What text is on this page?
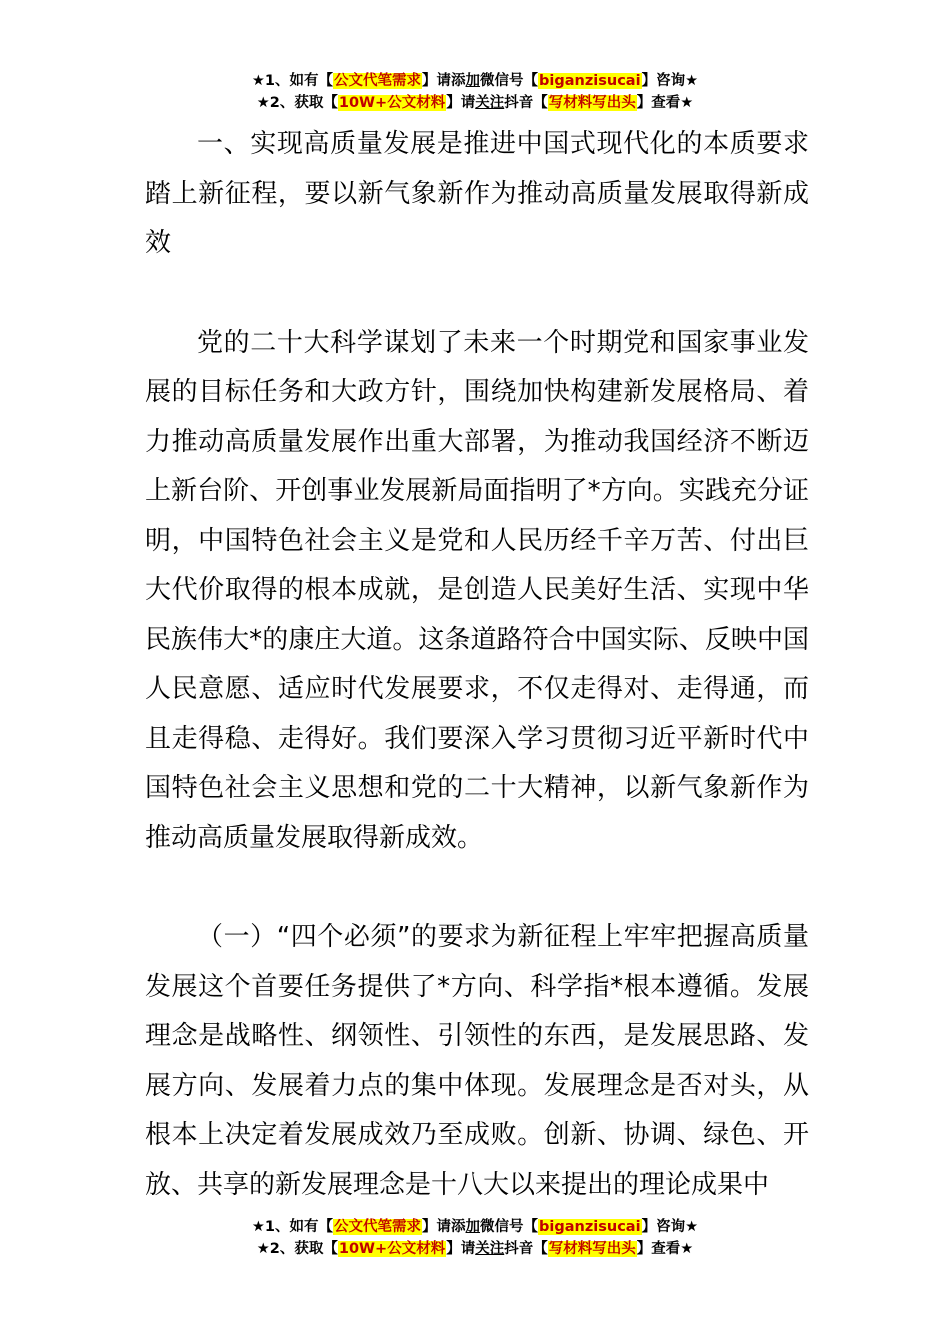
★1、如有【公文代笔需求】请添加微信号【biganzisucai】咨询★
★2、获取【10W+公文材料】请关注抖音【写材料写出头】查看★

一、实现高质量发展是推进中国式现代化的本质要求踏上新征程，要以新气象新作为推动高质量发展取得新成效

党的二十大科学谋划了未来一个时期党和国家事业发展的目标任务和大政方针，围绕加快构建新发展格局、着力推动高质量发展作出重大部署，为推动我国经济不断迈上新台阶、开创事业发展新局面指明了*方向。实践充分证明，中国特色社会主义是党和人民历经千辛万苦、付出巨大代价取得的根本成就，是创造人民美好生活、实现中华民族伟大*的康庄大道。这条道路符合中国实际、反映中国人民意愿、适应时代发展要求，不仅走得对、走得通，而且走得稳、走得好。我们要深入学习贯彻习近平新时代中国特色社会主义思想和党的二十大精神，以新气象新作为推动高质量发展取得新成效。

（一）“四个必须”的要求为新征程上牢牢把握高质量发展这个首要任务提供了*方向、科学指*根本遵循。发展理念是战略性、纲领性、引领性的东西，是发展思路、发展方向、发展着力点的集中体现。发展理念是否对头，从根本上决定着发展成效乃至成败。创新、协调、绿色、开放、共享的新发展理念是十八大以来提出的理论成果中

★1、如有【公文代笔需求】请添加微信号【biganzisucai】咨询★
★2、获取【10W+公文材料】请关注抖音【写材料写出头】查看★
